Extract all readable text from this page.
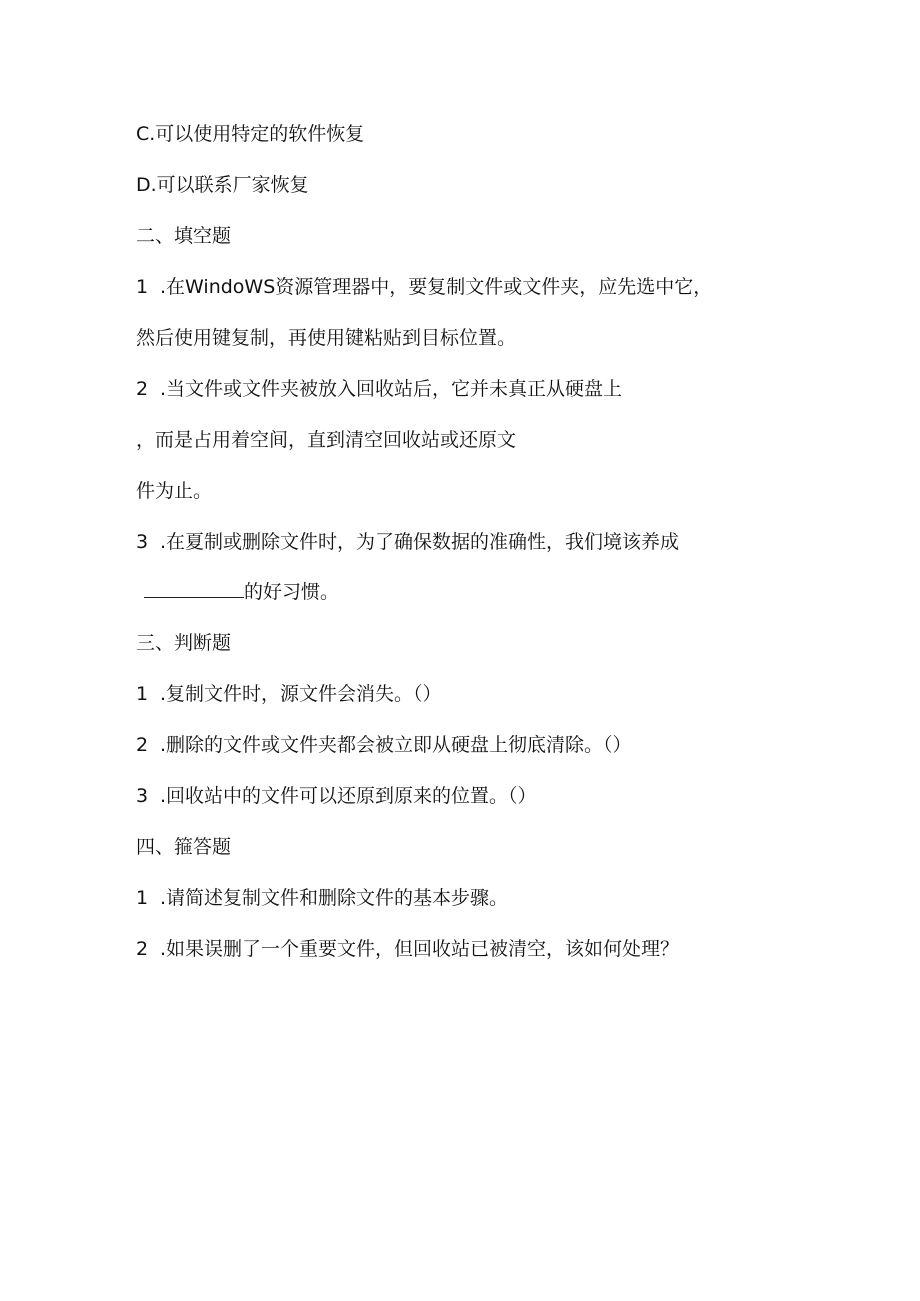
C.可以使用特定的软件恢复
D.可以联系厂家恢复
二、填空题
1 .在WindoWS资源管理器中，要复制文件或文件夹，应先选中它，
然后使用键复制，再使用键粘贴到目标位置。
2 .当文件或文件夹被放入回收站后，它并未真正从硬盘上
，而是占用着空间，直到清空回收站或还原文
件为止。
3 .在夏制或删除文件时，为了确保数据的准确性，我们境该养成
的好习惯。
三、判断题
1 .复制文件时，源文件会消失。（）
2 .删除的文件或文件夹都会被立即从硬盘上彻底清除。（）
3 .回收站中的文件可以还原到原来的位置。（）
四、箍答题
1 .请简述复制文件和删除文件的基本步骤。
2 .如果误删了一个重要文件，但回收站已被清空，该如何处理？
